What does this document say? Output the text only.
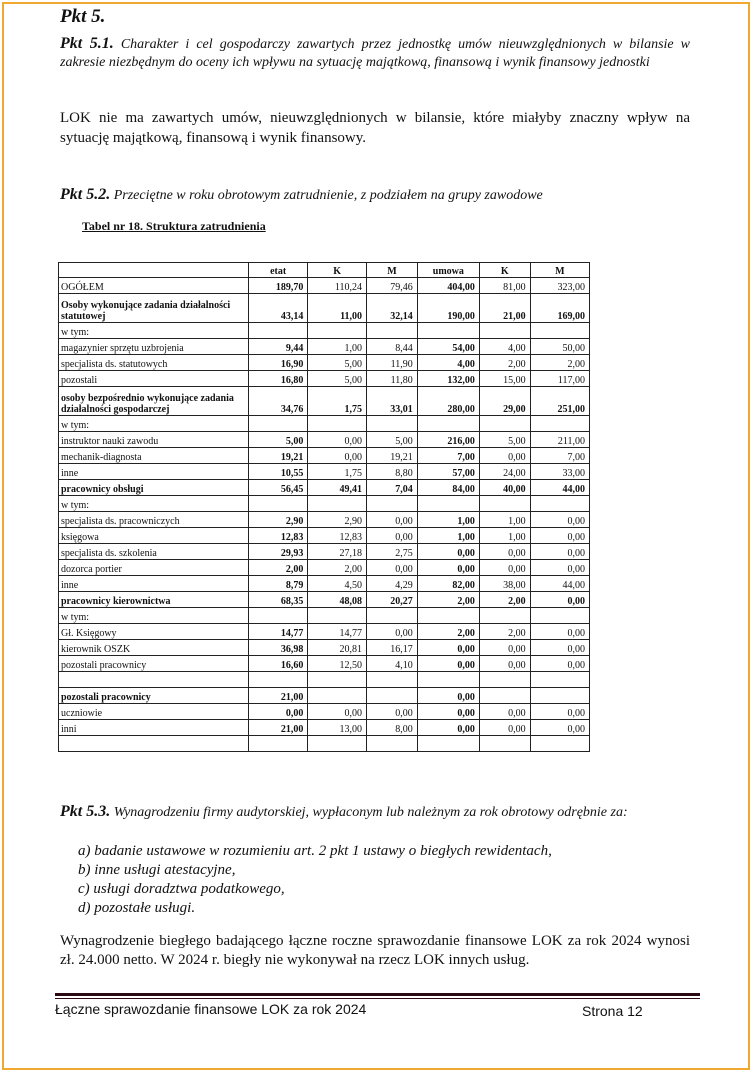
Pkt 5.
Pkt 5.1. Charakter i cel gospodarczy zawartych przez jednostkę umów nieuwzględnionych w bilansie w zakresie niezbędnym do oceny ich wpływu na sytuację majątkową, finansową i wynik finansowy jednostki
LOK nie ma zawartych umów, nieuwzględnionych w bilansie, które miałyby znaczny wpływ na sytuację majątkową, finansową i wynik finansowy.
Pkt 5.2. Przeciętne w roku obrotowym zatrudnienie, z podziałem na grupy zawodowe
Tabel nr 18. Struktura zatrudnienia
	etat	K	M	umowa	K	M
OGÓŁEM	189,70	110,24	79,46	404,00	81,00	323,00
Osoby wykonujące zadania działalności statutowej	43,14	11,00	32,14	190,00	21,00	169,00
w tym:						
magazynier sprzętu uzbrojenia	9,44	1,00	8,44	54,00	4,00	50,00
specjalista ds. statutowych	16,90	5,00	11,90	4,00	2,00	2,00
pozostali	16,80	5,00	11,80	132,00	15,00	117,00
osoby bezpośrednio wykonujące zadania działalności gospodarczej	34,76	1,75	33,01	280,00	29,00	251,00
w tym:						
instruktor nauki zawodu	5,00	0,00	5,00	216,00	5,00	211,00
mechanik-diagnosta	19,21	0,00	19,21	7,00	0,00	7,00
inne	10,55	1,75	8,80	57,00	24,00	33,00
pracownicy obsługi	56,45	49,41	7,04	84,00	40,00	44,00
w tym:						
specjalista ds. pracowniczych	2,90	2,90	0,00	1,00	1,00	0,00
księgowa	12,83	12,83	0,00	1,00	1,00	0,00
specjalista ds. szkolenia	29,93	27,18	2,75	0,00	0,00	0,00
dozorca portier	2,00	2,00	0,00	0,00	0,00	0,00
inne	8,79	4,50	4,29	82,00	38,00	44,00
pracownicy kierownictwa	68,35	48,08	20,27	2,00	2,00	0,00
w tym:						
Gł. Księgowy	14,77	14,77	0,00	2,00	2,00	0,00
kierownik OSZK	36,98	20,81	16,17	0,00	0,00	0,00
pozostali pracownicy	16,60	12,50	4,10	0,00	0,00	0,00

pozostali pracownicy	21,00			0,00		
uczniowie	0,00	0,00	0,00	0,00	0,00	0,00
inni	21,00	13,00	8,00	0,00	0,00	0,00

Pkt 5.3. Wynagrodzeniu firmy audytorskiej, wypłaconym lub należnym za rok obrotowy odrębnie za:
a) badanie ustawowe w rozumieniu art. 2 pkt 1 ustawy o biegłych rewidentach,
b) inne usługi atestacyjne,
c) usługi doradztwa podatkowego,
d) pozostałe usługi.
Wynagrodzenie biegłego badającego łączne roczne sprawozdanie finansowe LOK za rok 2024 wynosi zł. 24.000 netto. W 2024 r. biegły nie wykonywał na rzecz LOK innych usług.
Łączne sprawozdanie finansowe LOK za rok 2024	Strona 12
